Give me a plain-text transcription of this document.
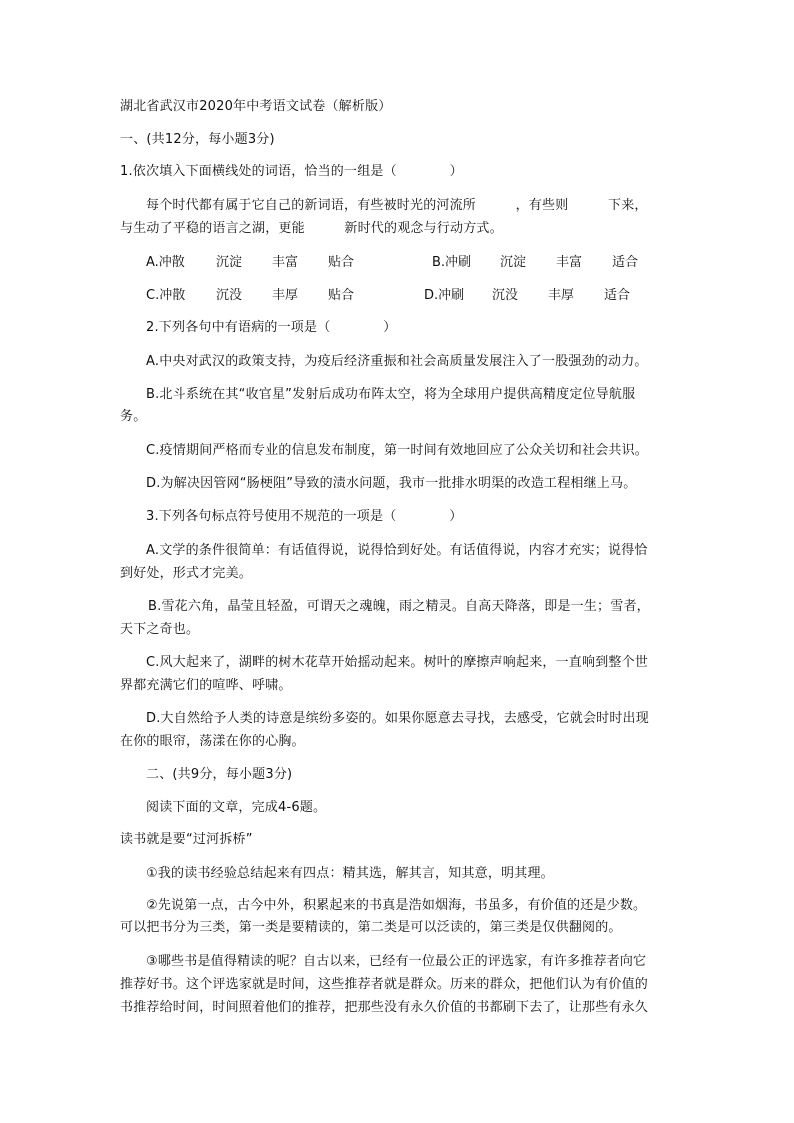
湖北省武汉市2020年中考语文试卷（解析版）
一、(共12分，每小题3分)
1.依次填入下面横线处的词语，恰当的一组是（　　　　）
每个时代都有属于它自己的新词语，有些被时光的河流所　　　，有些则　　　下来，
与生动了平稳的语言之湖，更能　　　新时代的观念与行动方式。
A.冲散 沉淀 丰富 贴合	B.冲刷 沉淀 丰富 适合
C.冲散 沉没 丰厚 贴合	D.冲刷 沉没 丰厚 适合
2.下列各句中有语病的一项是（　　　　）
A.中央对武汉的政策支持，为疫后经济重振和社会高质量发展注入了一股强劲的动力。
B.北斗系统在其“收官星”发射后成功布阵太空，将为全球用户提供高精度定位导航服
务。
C.疫情期间严格而专业的信息发布制度，第一时间有效地回应了公众关切和社会共识。
D.为解决因管网“肠梗阻”导致的渍水问题，我市一批排水明渠的改造工程相继上马。
3.下列各句标点符号使用不规范的一项是（　　　　）
A.文学的条件很简单：有话值得说，说得恰到好处。有话值得说，内容才充实；说得恰
到好处，形式才完美。
B.雪花六角，晶莹且轻盈，可谓天之魂魄，雨之精灵。自高天降落，即是一生；雪者，
天下之奇也。
C.风大起来了，湖畔的树木花草开始摇动起来。树叶的摩擦声响起来，一直响到整个世
界都充满它们的喧哗、呼啸。
D.大自然给予人类的诗意是缤纷多姿的。如果你愿意去寻找，去感受，它就会时时出现
在你的眼帘，荡漾在你的心胸。
二、(共9分，每小题3分)
阅读下面的文章，完成4-6题。
读书就是要“过河拆桥”
①我的读书经验总结起来有四点：精其选，解其言，知其意，明其理。
②先说第一点，古今中外，积累起来的书真是浩如烟海，书虽多，有价值的还是少数。
可以把书分为三类，第一类是要精读的，第二类是可以泛读的，第三类是仅供翻阅的。
③哪些书是值得精读的呢？自古以来，已经有一位最公正的评选家，有许多推荐者向它
推荐好书。这个评选家就是时间，这些推荐者就是群众。历来的群众，把他们认为有价值的
书推荐给时间，时间照着他们的推荐，把那些没有永久价值的书都刷下去了，让那些有永久
